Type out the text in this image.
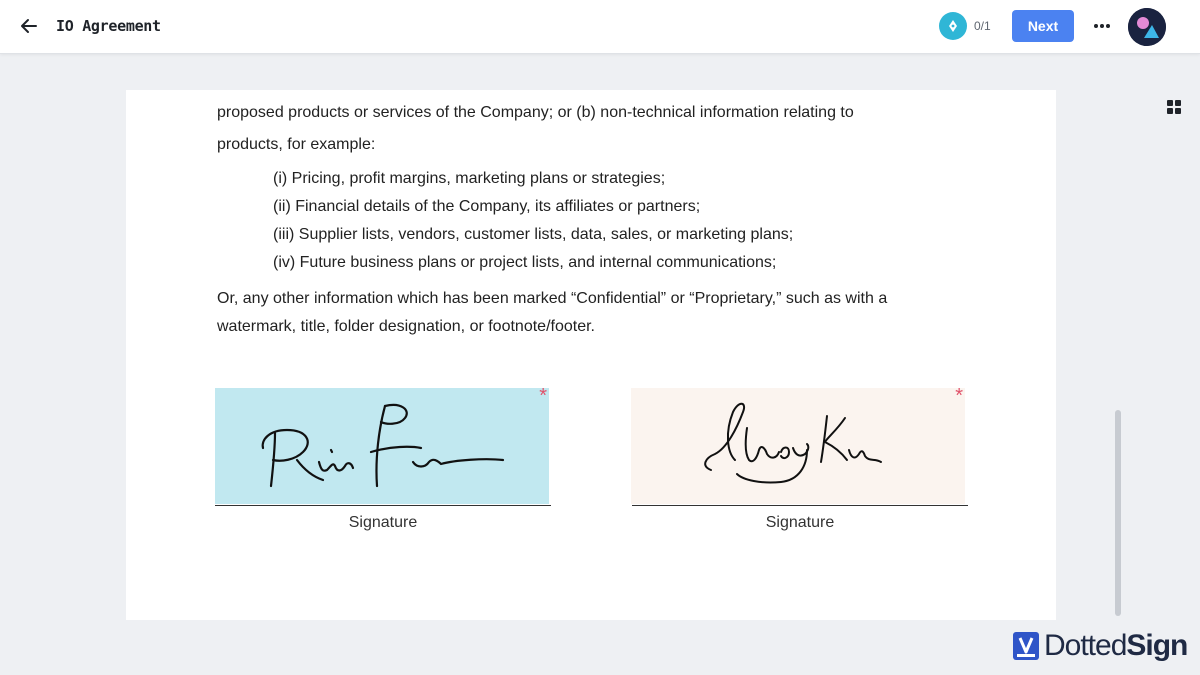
IO Agreement	0/1	Next

proposed products or services of the Company; or (b) non-technical information relating to

products, for example:

(i) Pricing, profit margins, marketing plans or strategies;
(ii) Financial details of the Company, its affiliates or partners;
(iii) Supplier lists, vendors, customer lists, data, sales, or marketing plans;
(iv) Future business plans or project lists, and internal communications;

Or, any other information which has been marked “Confidential” or “Proprietary,” such as with a

watermark, title, folder designation, or footnote/footer.

*
Signature
*
Signature
DottedSign
